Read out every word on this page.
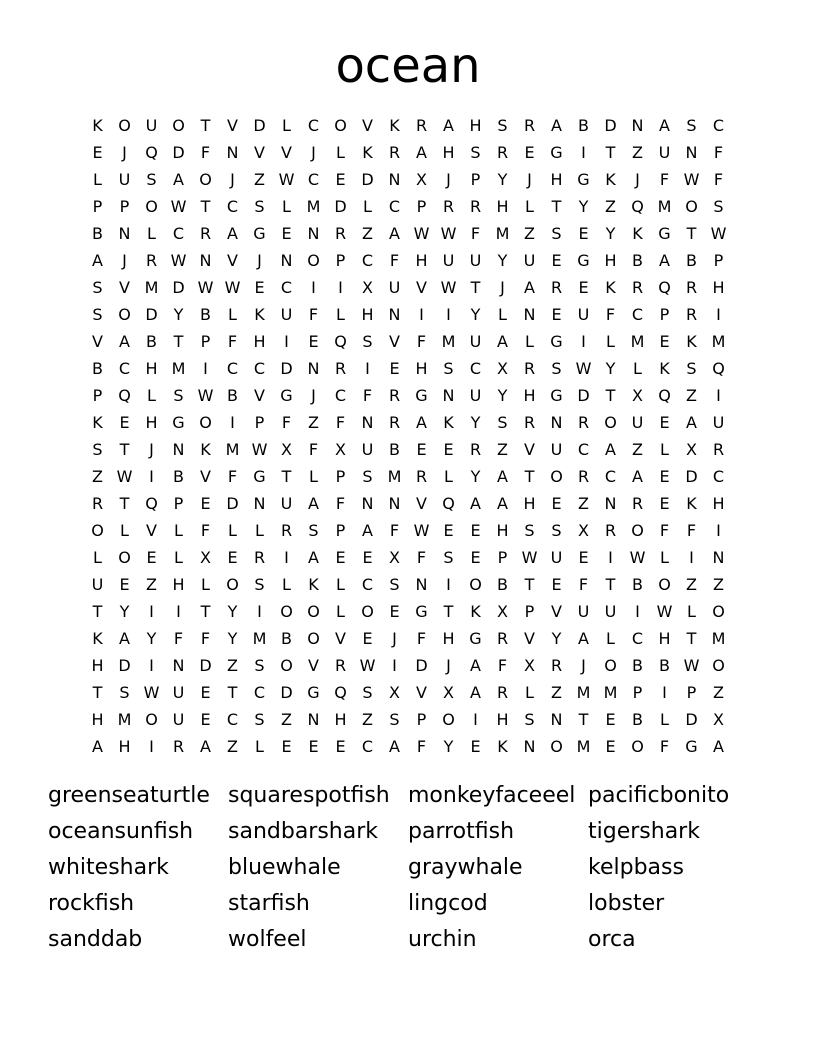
ocean
K O U O T	V D	L	C O V	K	R A H S	R A	B D N A	S	C
E	J	Q D	F	N V	V	J	L	K	R A H S	R	E G	I	T	Z U N	F
L	U	S	A O	J	Z W C	E D N X	J	P	Y	J	H G K	J	F W F
P	P O W T	C	S	L M D	L	C	P	R R H	L	T	Y	Z Q M O S
B N	L	C R A G E N R Z	A W W F M Z	S	E	Y	K G T W
A	J	R W N V	J	N O P	C	F	H U U	Y	U	E G H B	A	B	P
S	V M D W W E	C	I	I	X U V W T	J	A R	E	K	R Q R H
S O D Y	B	L	K U	F	L	H N	I	I	Y	L	N E	U	F	C	P	R	I
V	A	B	T	P	F	H	I	E Q S	V	F M U A	L	G	I	L M E	K M
B C H M	I	C C D N R	I	E H S	C X R	S W Y	L	K	S Q
P Q	L	S W B	V G	J	C	F	R G N U	Y	H G D T	X Q Z	I
K	E H G O	I	P	F	Z	F	N R A	K	Y	S	R N R O U	E	A U
S	T	J	N K M W X	F	X U B	E	E	R Z	V U C A	Z	L	X R
Z W	I	B	V	F	G T	L	P	S M R	L	Y	A	T O R C A	E D C
R	T Q P	E D N U A	F	N N V Q A	A H E	Z N R	E	K H
O	L	V	L	F	L	L	R	S	P	A	F W E	E H S	S	X R O	F	F	I
L	O E	L	X	E	R	I	A	E	E	X	F	S	E	P W U	E	I	W L	I	N
U	E	Z H	L	O S	L	K	L	C	S N	I	O B	T	E	F	T	B O Z	Z
T	Y	I	I	T	Y	I	O O	L	O E G T	K	X	P	V U U	I	W L	O
K	A	Y	F	F	Y M B O V	E	J	F	H G R V	Y	A	L	C H	T M
H D	I	N D Z	S O V R W	I	D	J	A	F	X R	J	O B	B W O
T	S W U	E	T	C D G Q S	X	V	X	A R	L	Z M M P	I	P	Z
H M O U	E	C	S	Z N H Z	S	P O	I	H S N	T	E	B	L	D X
A H	I	R A	Z	L	E	E	E	C A	F	Y	E	K N O M E O	F	G A
greenseaturtle squarespotfish monkeyfaceeel pacificbonito
oceansunfish	sandbarshark	parrotfish	tigershark
whiteshark	bluewhale	graywhale	kelpbass
rockfish	starfish	lingcod	lobster
sanddab	wolfeel	urchin	orca
